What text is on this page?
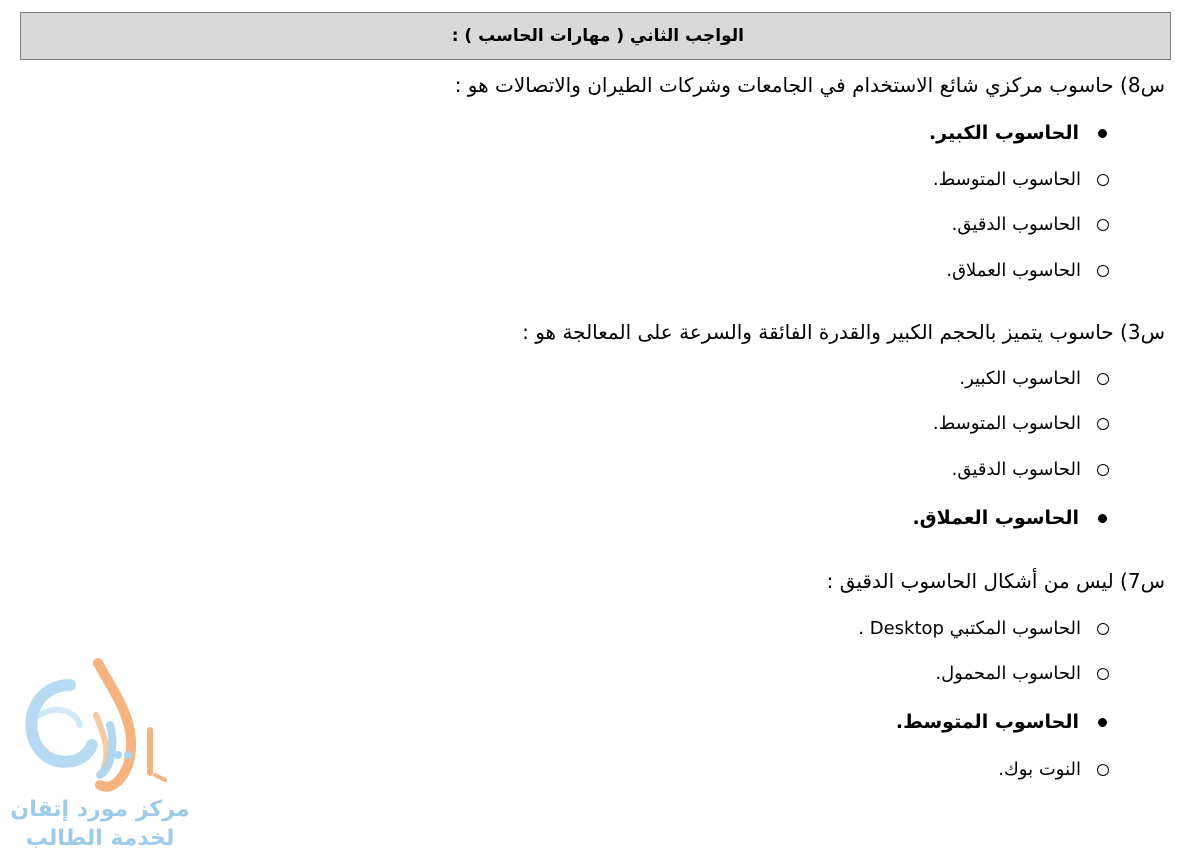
الواجب الثاني ( مهارات الحاسب ) :
س8) حاسوب مركزي شائع الاستخدام في الجامعات وشركات الطيران والاتصالات هو :
الحاسوب الكبير.
الحاسوب المتوسط.
الحاسوب الدقيق.
الحاسوب العملاق.
س3) حاسوب يتميز بالحجم الكبير والقدرة الفائقة والسرعة على المعالجة هو :
الحاسوب الكبير.
الحاسوب المتوسط.
الحاسوب الدقيق.
الحاسوب العملاق.
س7) ليس من أشكال الحاسوب الدقيق :
الحاسوب المكتبي Desktop .
الحاسوب المحمول.
الحاسوب المتوسط.
النوت بوك.
مركز مورد إتقان
لخدمة الطالب
